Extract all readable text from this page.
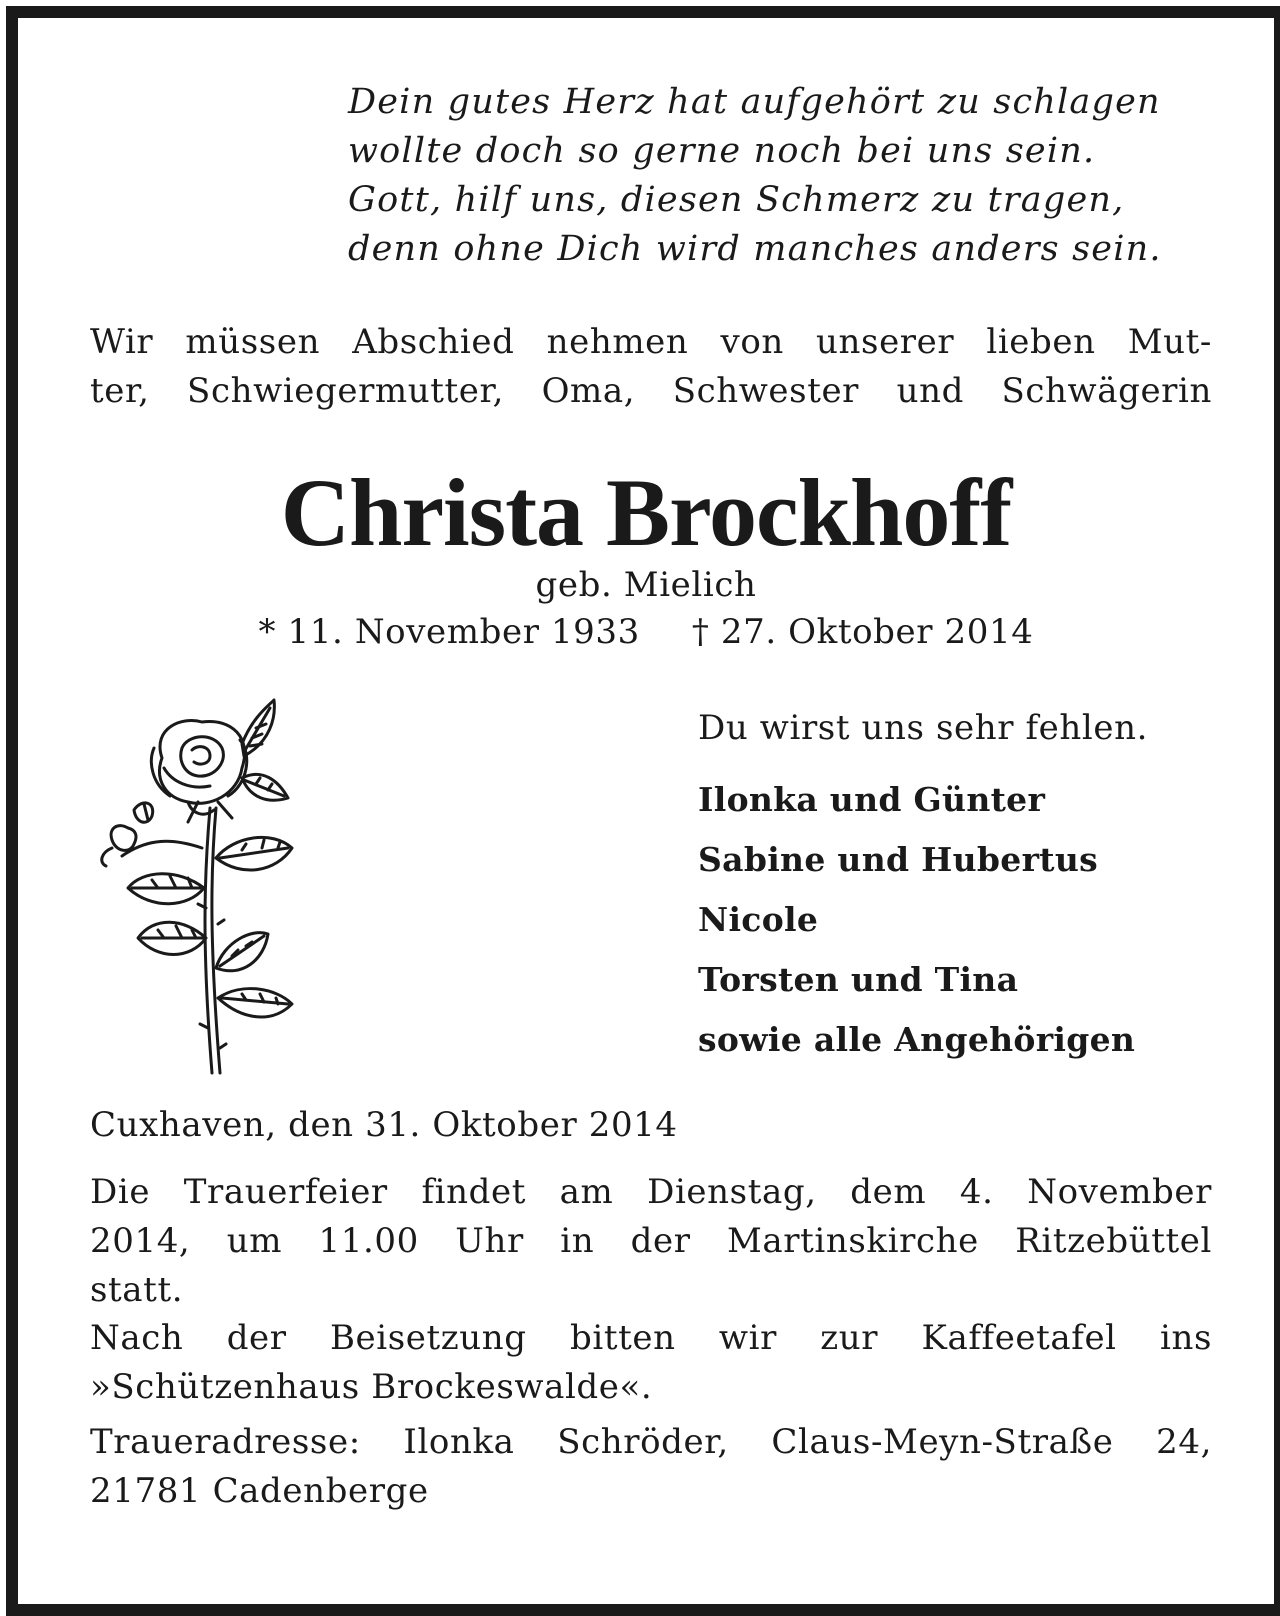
Dein gutes Herz hat aufgehört zu schlagen
wollte doch so gerne noch bei uns sein.
Gott, hilf uns, diesen Schmerz zu tragen,
denn ohne Dich wird manches anders sein.
Wir müssen Abschied nehmen von unserer lieben Mut-
ter, Schwiegermutter, Oma, Schwester und Schwägerin
Christa Brockhoff
geb. Mielich
* 11. November 1933 † 27. Oktober 2014
Du wirst uns sehr fehlen.
Ilonka und Günter
Sabine und Hubertus
Nicole
Torsten und Tina
sowie alle Angehörigen
Cuxhaven, den 31. Oktober 2014
Die Trauerfeier findet am Dienstag, dem 4. November
2014, um 11.00 Uhr in der Martinskirche Ritzebüttel
statt.
Nach der Beisetzung bitten wir zur Kaffeetafel ins
»Schützenhaus Brockeswalde«.
Traueradresse: Ilonka Schröder, Claus-Meyn-Straße 24,
21781 Cadenberge
